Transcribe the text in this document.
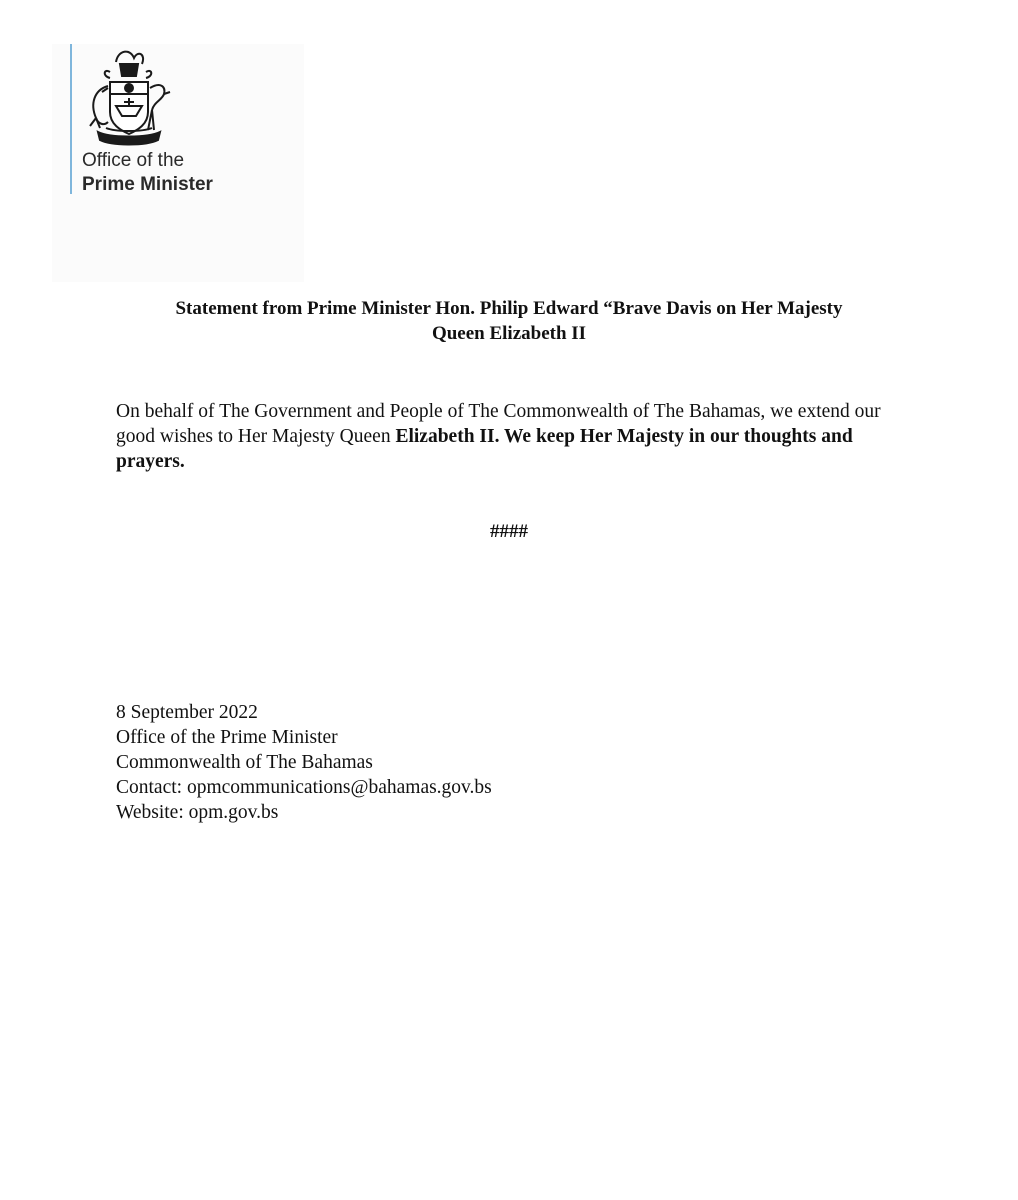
Office of the
Prime Minister
Statement from Prime Minister Hon. Philip Edward “Brave Davis on Her Majesty
Queen Elizabeth II
On behalf of The Government and People of The Commonwealth of The Bahamas, we extend our good wishes to Her Majesty Queen Elizabeth II. We keep Her Majesty in our thoughts and prayers.
####
8 September 2022
Office of the Prime Minister
Commonwealth of The Bahamas
Contact: opmcommunications@bahamas.gov.bs
Website: opm.gov.bs
